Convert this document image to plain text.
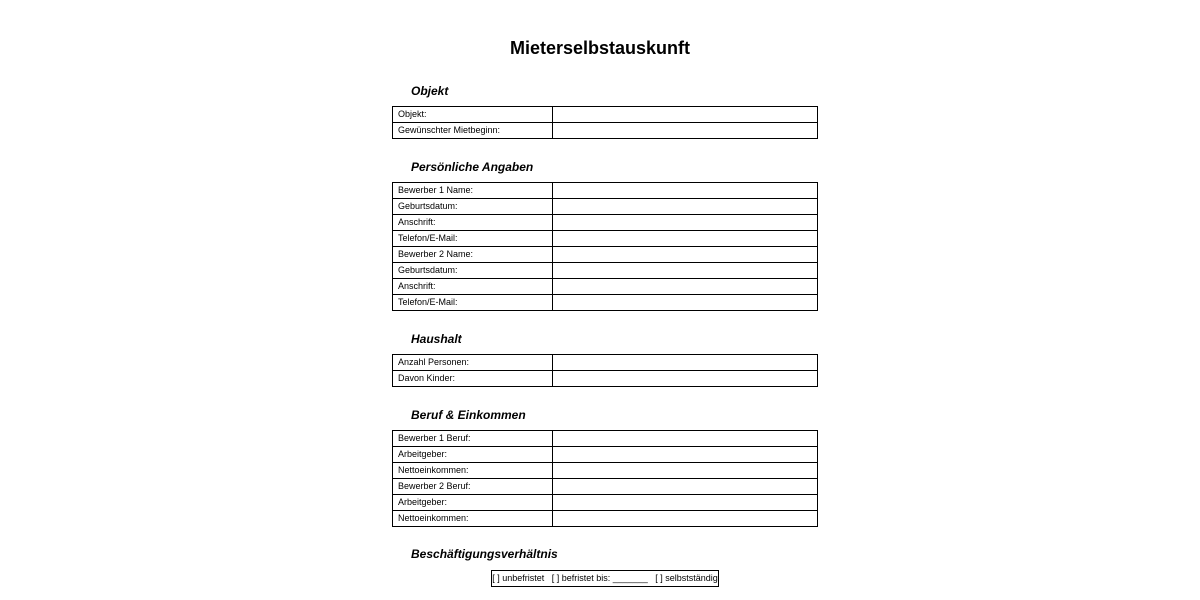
Mieterselbstauskunft
Objekt
Objekt:	
Gewünschter Mietbeginn:	
Persönliche Angaben
Bewerber 1 Name:	
Geburtsdatum:	
Anschrift:	
Telefon/E-Mail:	
Bewerber 2 Name:	
Geburtsdatum:	
Anschrift:	
Telefon/E-Mail:	
Haushalt
Anzahl Personen:	
Davon Kinder:	
Beruf & Einkommen
Bewerber 1 Beruf:	
Arbeitgeber:	
Nettoeinkommen:	
Bewerber 2 Beruf:	
Arbeitgeber:	
Nettoeinkommen:	
Beschäftigungsverhältnis
[ ] unbefristet   [ ] befristet bis: _______   [ ] selbstständig
